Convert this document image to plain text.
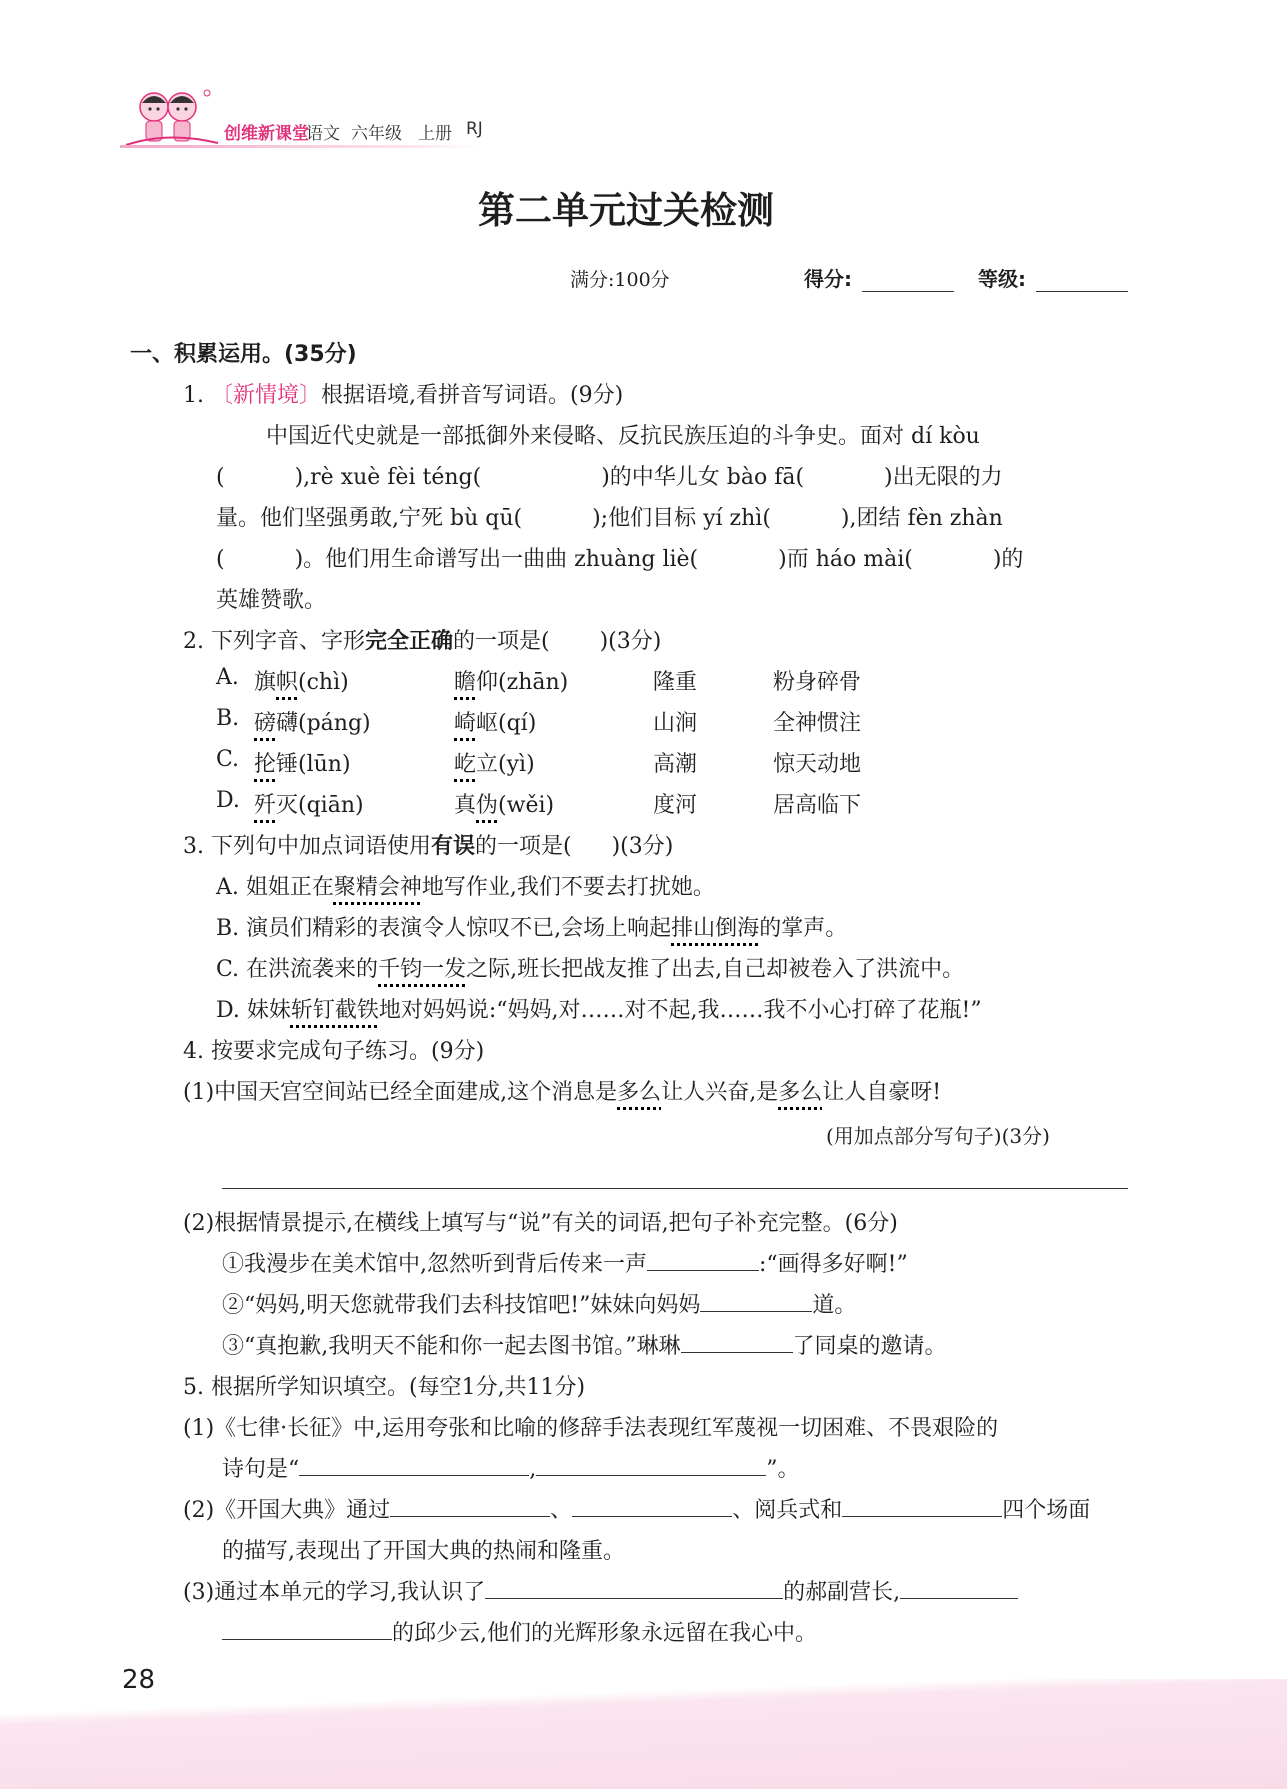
创维新课堂
语文 六年级 上册 RJ
第二单元过关检测
满分:100分	得分:	等级:
一、积累运用。(35分)
1. 〔新情境〕根据语境,看拼音写词语。(9分)
中国近代史就是一部抵御外来侵略、反抗民族压迫的斗争史。面对 dí kòu
(	),rè xuè fèi téng(	)的中华儿女 bào fā(	)出无限的力
量。他们坚强勇敢,宁死 bù qū(	);他们目标 yí zhì(	),团结 fèn zhàn
(	)。他们用生命谱写出一曲曲 zhuàng liè(	)而 háo mài(	)的
英雄赞歌。
2. 下列字音、字形完全正确的一项是( )(3分)
A. 旗帜(chì)	瞻仰(zhān)	隆重	粉身碎骨
B. 磅礴(páng)	崎岖(qí)	山涧	全神惯注
C. 抡锤(lūn)	屹立(yì)	高潮	惊天动地
D. 歼灭(qiān)	真伪(wěi)	度河	居高临下
3. 下列句中加点词语使用有误的一项是( )(3分)
A. 姐姐正在聚精会神地写作业,我们不要去打扰她。
B. 演员们精彩的表演令人惊叹不已,会场上响起排山倒海的掌声。
C. 在洪流袭来的千钧一发之际,班长把战友推了出去,自己却被卷入了洪流中。
D. 妹妹斩钉截铁地对妈妈说:“妈妈,对……对不起,我……我不小心打碎了花瓶!”
4. 按要求完成句子练习。(9分)
(1)中国天宫空间站已经全面建成,这个消息是多么让人兴奋,是多么让人自豪呀!
(用加点部分写句子)(3分)
(2)根据情景提示,在横线上填写与“说”有关的词语,把句子补充完整。(6分)
①我漫步在美术馆中,忽然听到背后传来一声	:“画得多好啊!”
②“妈妈,明天您就带我们去科技馆吧!”妹妹向妈妈	道。
③“真抱歉,我明天不能和你一起去图书馆。”琳琳	了同桌的邀请。
5. 根据所学知识填空。(每空1分,共11分)
(1)《七律·长征》中,运用夸张和比喻的修辞手法表现红军蔑视一切困难、不畏艰险的
诗句是“	,	”。
(2)《开国大典》通过	、	、阅兵式和	四个场面
的描写,表现出了开国大典的热闹和隆重。
(3)通过本单元的学习,我认识了	的郝副营长,
的邱少云,他们的光辉形象永远留在我心中。
28
